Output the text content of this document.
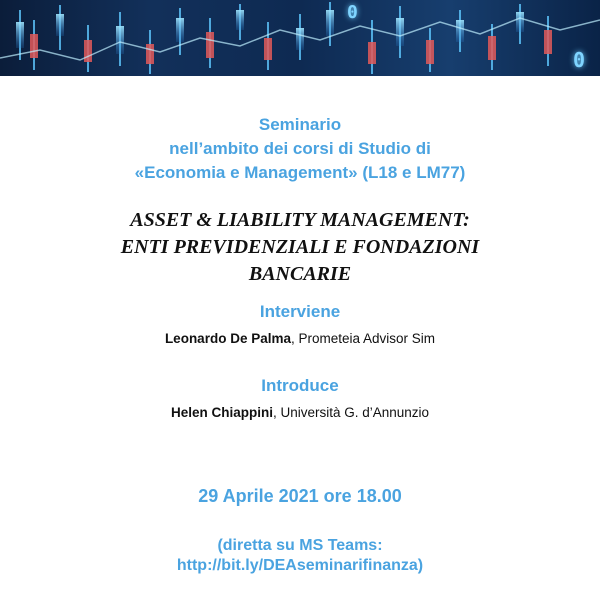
0
0
Seminario
nell’ambito dei corsi di Studio di
«Economia e Management» (L18 e LM77)
ASSET & LIABILITY MANAGEMENT:
ENTI PREVIDENZIALI E FONDAZIONI
BANCARIE
Interviene
Leonardo De Palma, Prometeia Advisor Sim
Introduce
Helen Chiappini, Università G. d’Annunzio
29 Aprile 2021 ore 18.00
(diretta su MS Teams:
http://bit.ly/DEAseminarifinanza)
